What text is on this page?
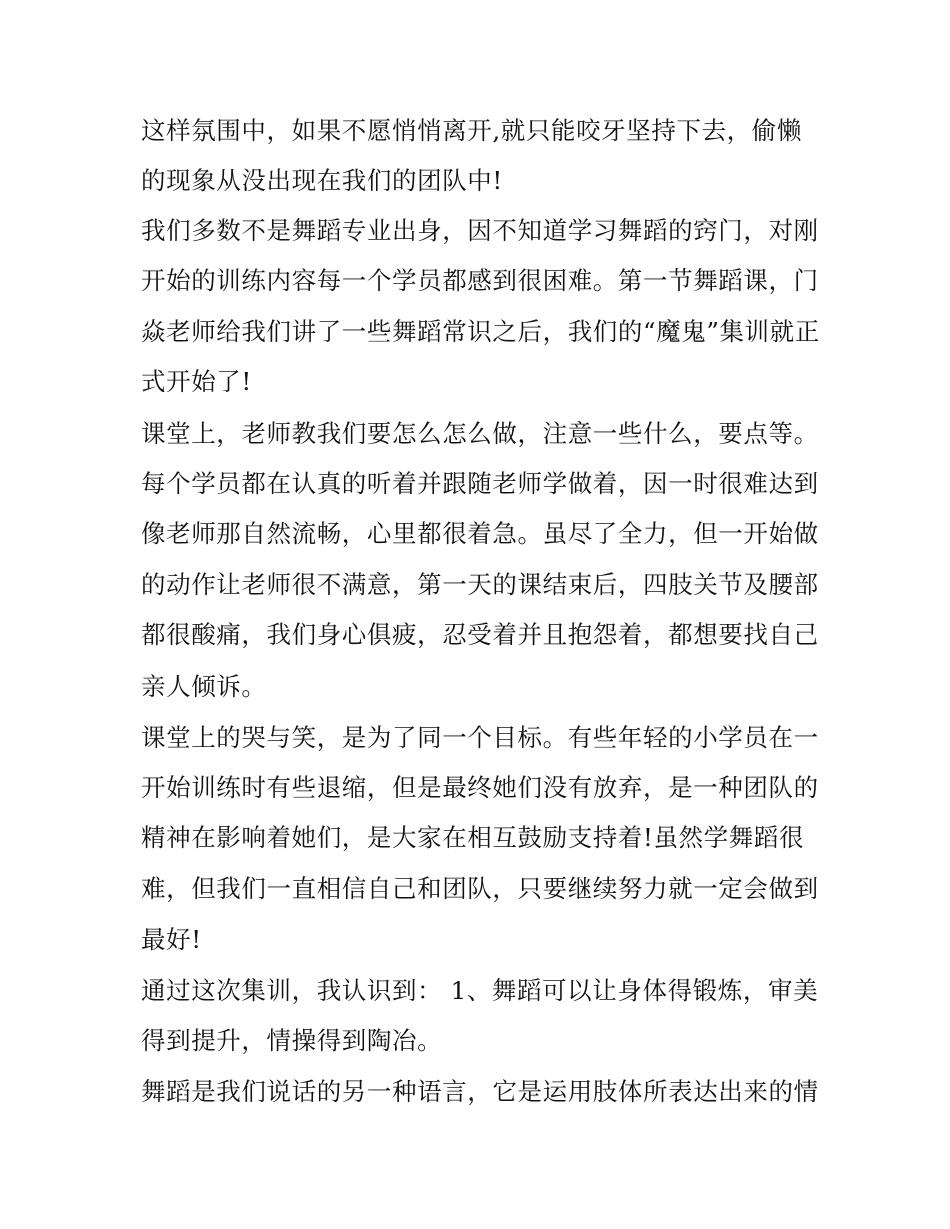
这样氛围中，如果不愿悄悄离开,就只能咬牙坚持下去，偷懒
的现象从没出现在我们的团队中!
我们多数不是舞蹈专业出身，因不知道学习舞蹈的窍门，对刚
开始的训练内容每一个学员都感到很困难。第一节舞蹈课，门
焱老师给我们讲了一些舞蹈常识之后，我们的“魔鬼”集训就正
式开始了!
课堂上，老师教我们要怎么怎么做，注意一些什么，要点等。
每个学员都在认真的听着并跟随老师学做着，因一时很难达到
像老师那自然流畅，心里都很着急。虽尽了全力，但一开始做
的动作让老师很不满意，第一天的课结束后，四肢关节及腰部
都很酸痛，我们身心俱疲，忍受着并且抱怨着，都想要找自己
亲人倾诉。
课堂上的哭与笑，是为了同一个目标。有些年轻的小学员在一
开始训练时有些退缩，但是最终她们没有放弃，是一种团队的
精神在影响着她们，是大家在相互鼓励支持着!虽然学舞蹈很
难，但我们一直相信自己和团队，只要继续努力就一定会做到
最好!
通过这次集训，我认识到： 1、舞蹈可以让身体得锻炼，审美
得到提升，情操得到陶冶。
舞蹈是我们说话的另一种语言，它是运用肢体所表达出来的情
